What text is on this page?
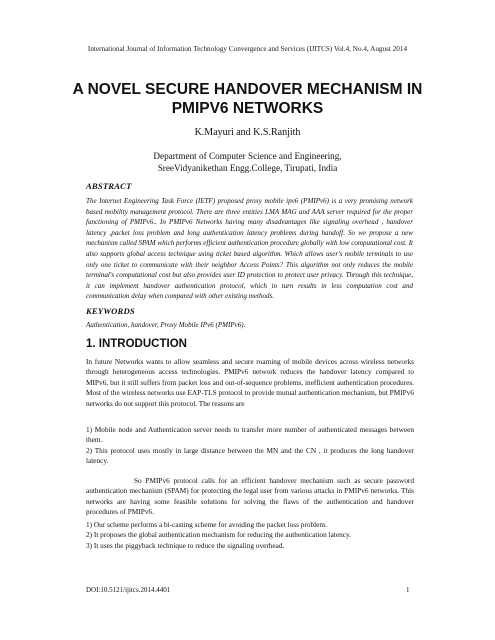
International Journal of Information Technology Convergence and Services (IJITCS) Vol.4, No.4, August 2014
A NOVEL SECURE HANDOVER MECHANISM IN
PMIPV6 NETWORKS
K.Mayuri and K.S.Ranjith
Department of Computer Science and Engineering,
SreeVidyanikethan Engg.College, Tirupati, India
ABSTRACT
The Internet Engineering Task Force (IETF) proposed proxy mobile ipv6 (PMIPv6) is a very promising network based mobility management protocol. There are three entities LMA MAG and AAA server required for the proper functioning of PMIPv6.. In PMIPv6 Networks having many disadvantages like signaling overhead , handover latency ,packet loss problem and long authentication latency problems during handoff. So we propose a new mechanism called SPAM which performs efficient authentication procedure globally with low computational cost. It also supports global access technique using ticket based algorithm. Which allows user's mobile terminals to use only one ticket to communicate with their neighbor Access Points? This algorithm not only reduces the mobile terminal's computational cost but also provides user ID protection to protect user privacy. Through this technique, it can implement handover authentication protocol, which in turn results in less computation cost and communication delay when compared with other existing methods.
KEYWORDS
Authentication, handover, Proxy Mobile IPv6 (PMIPv6).
1. INTRODUCTION

In future Networks wants to allow seamless and secure roaming of mobile devices across wireless networks through heterogeneous access technologies. PMIPv6 network reduces the handover latency compared to MIPv6, but it still suffers from packet loss and out-of-sequence problems, inefficient authentication procedures. Most of the wireless networks use EAP-TLS protocol to provide mutual authentication mechanism, but PMIPv6 networks do not support this protocol. The reasons are

1) Mobile node and Authentication server needs to transfer more number of authenticated messages between them.

2) This protocol uses mostly in large distance between the MN and the CN , it produces the long handover latency.

So PMIPv6 protocol calls for an efficient handover mechanism such as secure password authentication mechanism (SPAM) for protecting the legal user from various attacks in PMIPv6 networks. This networks are having some feasible solutions for solving the flaws of the authentication and handover procedures of PMIPv6.

1) Our scheme performs a bi-casting scheme for avoiding the packet loss problem.

2) It proposes the global authentication mechanism for reducing the authentication latency.

3) It uses the piggyback technique to reduce the signaling overhead.

DOI:10.5121/ijitcs.2014.4401	1
